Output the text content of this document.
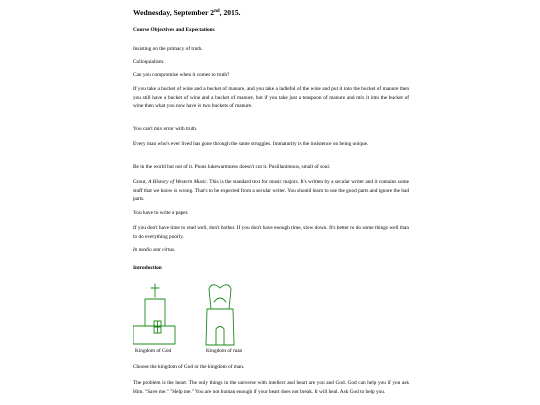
Wednesday, September 2nd, 2015.

Course Objectives and Expectations

Insisting on the primacy of truth.

Colloquialism.

Can you compromise when it comes to truth?

If you take a bucket of wine and a bucket of manure, and you take a ladleful of the wine and put it into the bucket of manure then you still have a bucket of wine and a bucket of manure, but if you take just a teaspoon of manure and mix it into the bucket of wine then what you now have is two buckets of manure.

You can't mix error with truth.

Every man who's ever lived has gone through the same struggles. Immaturity is the insistence on being unique.

Be in the world but not of it. Pious lukewarmness doesn't cut it. Pusillanimous, small of soul.

Grout, A History of Western Music. This is the standard text for music majors. It's written by a secular writer and it contains some stuff that we know is wrong. That's to be expected from a secular writer. You should learn to use the good parts and ignore the bad parts.

You have to write a paper.

If you don't have time to read well, don't bother. If you don't have enough time, slow down. It's better to do some things well than to do everything poorly.

In medio stat virtus.

Introduction

Kingdom of God	Kingdom of man

Choose the kingdom of God or the kingdom of man.

The problem is the heart. The only things in the universe with intellect and heart are you and God. God can help you if you ask Him. "Save me." "Help me." You are not human enough if your heart does not break. It will heal. Ask God to help you.
